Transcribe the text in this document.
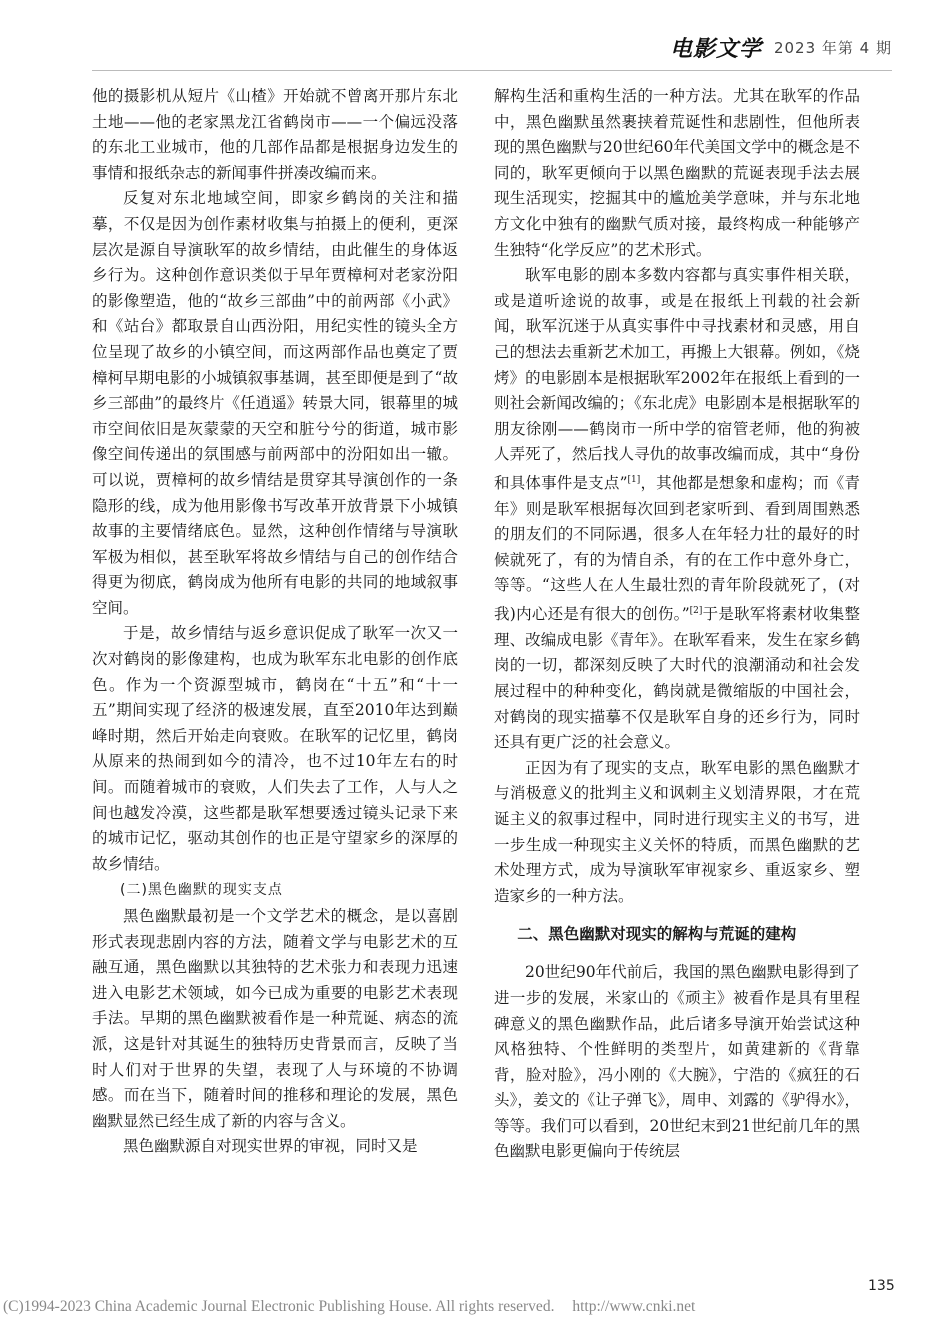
电影文学 2023 年第 4 期

他的摄影机从短片《山楂》开始就不曾离开那片东北土地——他的老家黑龙江省鹤岗市——一个偏远没落的东北工业城市，他的几部作品都是根据身边发生的事情和报纸杂志的新闻事件拼凑改编而来。

反复对东北地域空间，即家乡鹤岗的关注和描摹，不仅是因为创作素材收集与拍摄上的便利，更深层次是源自导演耿军的故乡情结，由此催生的身体返乡行为。这种创作意识类似于早年贾樟柯对老家汾阳的影像塑造，他的“故乡三部曲”中的前两部《小武》和《站台》都取景自山西汾阳，用纪实性的镜头全方位呈现了故乡的小镇空间，而这两部作品也奠定了贾樟柯早期电影的小城镇叙事基调，甚至即便是到了“故乡三部曲”的最终片《任逍遥》转景大同，银幕里的城市空间依旧是灰蒙蒙的天空和脏兮兮的街道，城市影像空间传递出的氛围感与前两部中的汾阳如出一辙。可以说，贾樟柯的故乡情结是贯穿其导演创作的一条隐形的线，成为他用影像书写改革开放背景下小城镇故事的主要情绪底色。显然，这种创作情绪与导演耿军极为相似，甚至耿军将故乡情结与自己的创作结合得更为彻底，鹤岗成为他所有电影的共同的地域叙事空间。

于是，故乡情结与返乡意识促成了耿军一次又一次对鹤岗的影像建构，也成为耿军东北电影的创作底色。作为一个资源型城市，鹤岗在“十五”和“十一五”期间实现了经济的极速发展，直至2010年达到巅峰时期，然后开始走向衰败。在耿军的记忆里，鹤岗从原来的热闹到如今的清冷，也不过10年左右的时间。而随着城市的衰败，人们失去了工作，人与人之间也越发冷漠，这些都是耿军想要透过镜头记录下来的城市记忆，驱动其创作的也正是守望家乡的深厚的故乡情结。

(二)黑色幽默的现实支点

黑色幽默最初是一个文学艺术的概念，是以喜剧形式表现悲剧内容的方法，随着文学与电影艺术的互融互通，黑色幽默以其独特的艺术张力和表现力迅速进入电影艺术领域，如今已成为重要的电影艺术表现手法。早期的黑色幽默被看作是一种荒诞、病态的流派，这是针对其诞生的独特历史背景而言，反映了当时人们对于世界的失望，表现了人与环境的不协调感。而在当下，随着时间的推移和理论的发展，黑色幽默显然已经生成了新的内容与含义。

黑色幽默源自对现实世界的审视，同时又是

解构生活和重构生活的一种方法。尤其在耿军的作品中，黑色幽默虽然裹挟着荒诞性和悲剧性，但他所表现的黑色幽默与20世纪60年代美国文学中的概念是不同的，耿军更倾向于以黑色幽默的荒诞表现手法去展现生活现实，挖掘其中的尴尬美学意味，并与东北地方文化中独有的幽默气质对接，最终构成一种能够产生独特“化学反应”的艺术形式。

耿军电影的剧本多数内容都与真实事件相关联，或是道听途说的故事，或是在报纸上刊载的社会新闻，耿军沉迷于从真实事件中寻找素材和灵感，用自己的想法去重新艺术加工，再搬上大银幕。例如，《烧烤》的电影剧本是根据耿军2002年在报纸上看到的一则社会新闻改编的；《东北虎》电影剧本是根据耿军的朋友徐刚——鹤岗市一所中学的宿管老师，他的狗被人弄死了，然后找人寻仇的故事改编而成，其中“身份和具体事件是支点”[1]，其他都是想象和虚构；而《青年》则是耿军根据每次回到老家听到、看到周围熟悉的朋友们的不同际遇，很多人在年轻力壮的最好的时候就死了，有的为情自杀，有的在工作中意外身亡，等等。“这些人在人生最壮烈的青年阶段就死了，(对我)内心还是有很大的创伤。”[2]于是耿军将素材收集整理、改编成电影《青年》。在耿军看来，发生在家乡鹤岗的一切，都深刻反映了大时代的浪潮涌动和社会发展过程中的种种变化，鹤岗就是微缩版的中国社会，对鹤岗的现实描摹不仅是耿军自身的还乡行为，同时还具有更广泛的社会意义。

正因为有了现实的支点，耿军电影的黑色幽默才与消极意义的批判主义和讽刺主义划清界限，才在荒诞主义的叙事过程中，同时进行现实主义的书写，进一步生成一种现实主义关怀的特质，而黑色幽默的艺术处理方式，成为导演耿军审视家乡、重返家乡、塑造家乡的一种方法。

二、黑色幽默对现实的解构与荒诞的建构

20世纪90年代前后，我国的黑色幽默电影得到了进一步的发展，米家山的《顽主》被看作是具有里程碑意义的黑色幽默作品，此后诸多导演开始尝试这种风格独特、个性鲜明的类型片，如黄建新的《背靠背，脸对脸》，冯小刚的《大腕》，宁浩的《疯狂的石头》，姜文的《让子弹飞》，周申、刘露的《驴得水》，等等。我们可以看到，20世纪末到21世纪前几年的黑色幽默电影更偏向于传统层

135
(C)1994-2023 China Academic Journal Electronic Publishing House. All rights reserved. http://www.cnki.net
